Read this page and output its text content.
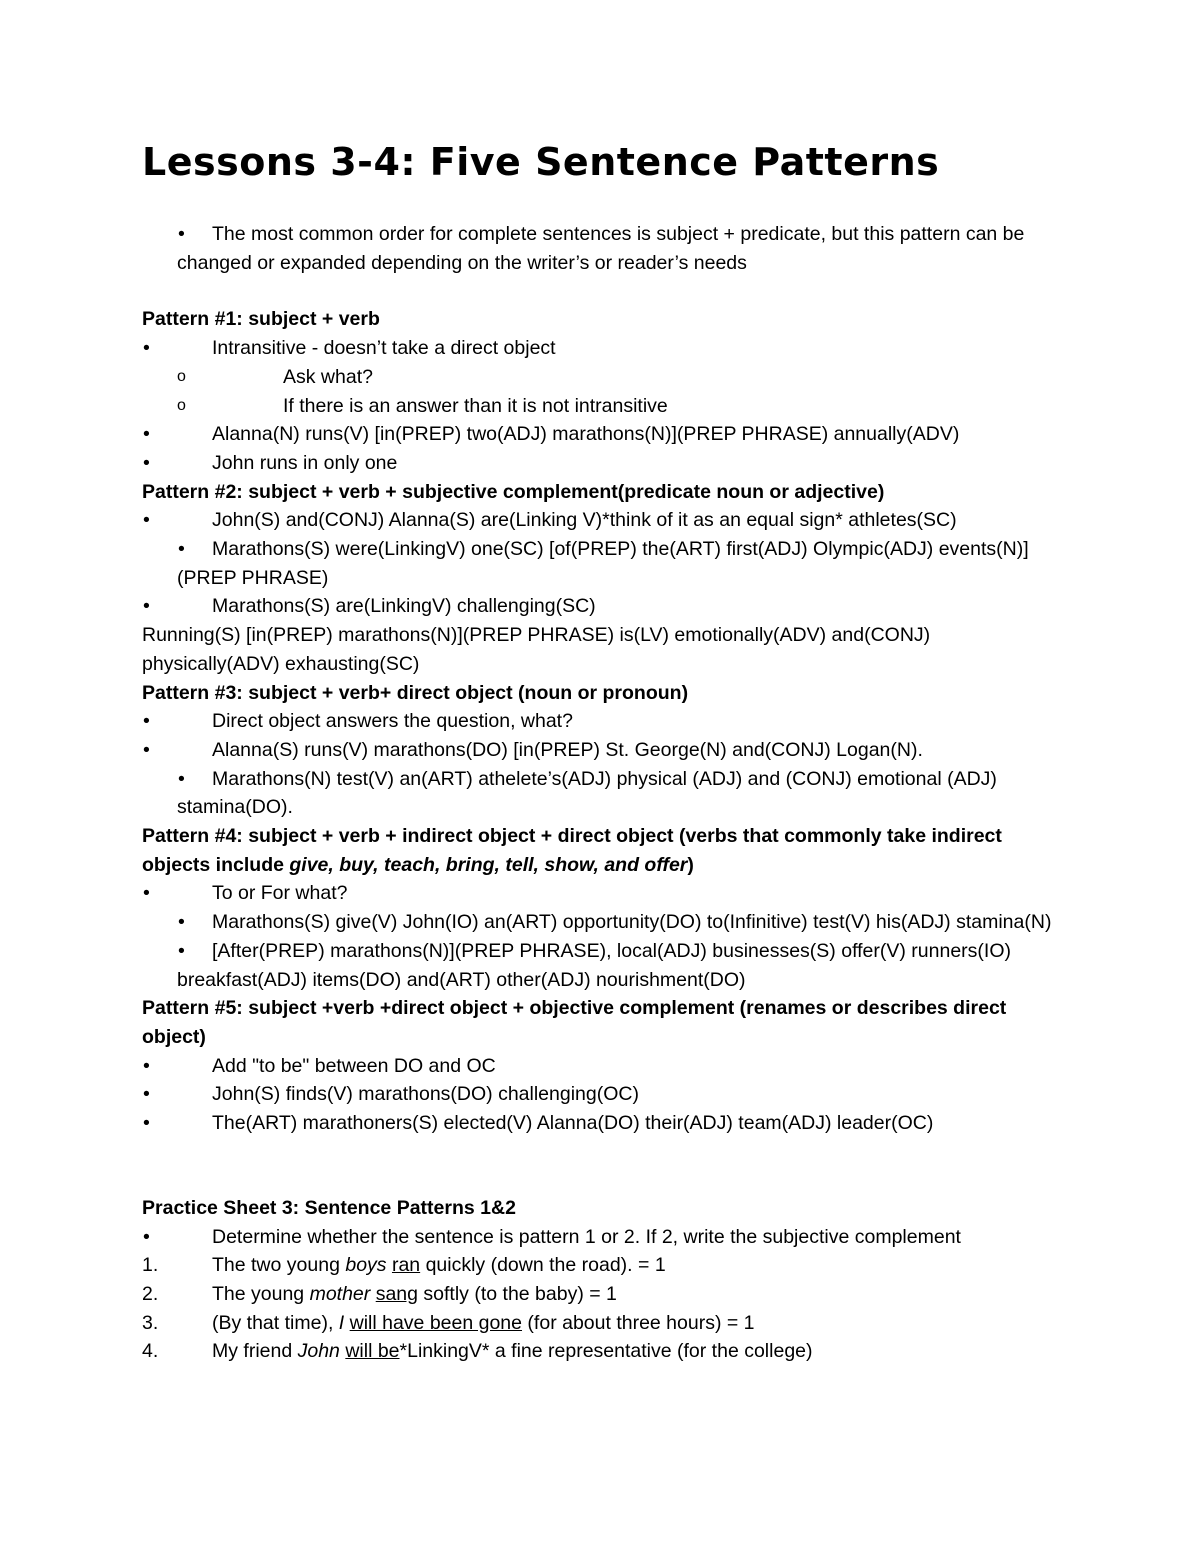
Lessons 3-4: Five Sentence Patterns
• The most common order for complete sentences is subject + predicate, but this pattern can be changed or expanded depending on the writer’s or reader’s needs
Pattern #1: subject + verb
• Intransitive - doesn’t take a direct object
o Ask what?
o If there is an answer than it is not intransitive
• Alanna(N) runs(V) [in(PREP) two(ADJ) marathons(N)](PREP PHRASE) annually(ADV)
• John runs in only one
Pattern #2: subject + verb + subjective complement(predicate noun or adjective)
• John(S) and(CONJ) Alanna(S) are(Linking V)*think of it as an equal sign* athletes(SC)
• Marathons(S) were(LinkingV) one(SC) [of(PREP) the(ART) first(ADJ) Olympic(ADJ) events(N)](PREP PHRASE)
• Marathons(S) are(LinkingV) challenging(SC)
Running(S) [in(PREP) marathons(N)](PREP PHRASE) is(LV) emotionally(ADV) and(CONJ) physically(ADV) exhausting(SC)
Pattern #3: subject + verb+ direct object (noun or pronoun)
• Direct object answers the question, what?
• Alanna(S) runs(V) marathons(DO) [in(PREP) St. George(N) and(CONJ) Logan(N).
• Marathons(N) test(V) an(ART) athelete’s(ADJ) physical (ADJ) and (CONJ) emotional (ADJ) stamina(DO).
Pattern #4: subject + verb + indirect object + direct object (verbs that commonly take indirect objects include give, buy, teach, bring, tell, show, and offer)
• To or For what?
• Marathons(S) give(V) John(IO) an(ART) opportunity(DO) to(Infinitive) test(V) his(ADJ) stamina(N)
• [After(PREP) marathons(N)](PREP PHRASE), local(ADJ) businesses(S) offer(V) runners(IO) breakfast(ADJ) items(DO) and(ART) other(ADJ) nourishment(DO)
Pattern #5: subject +verb +direct object + objective complement (renames or describes direct object)
• Add "to be" between DO and OC
• John(S) finds(V) marathons(DO) challenging(OC)
• The(ART) marathoners(S) elected(V) Alanna(DO) their(ADJ) team(ADJ) leader(OC)
Practice Sheet 3: Sentence Patterns 1&2
• Determine whether the sentence is pattern 1 or 2. If 2, write the subjective complement
1.	The two young boys ran quickly (down the road). = 1
2.	The young mother sang softly (to the baby) = 1
3.	(By that time), I will have been gone (for about three hours) = 1
4.	My friend John will be*LinkingV* a fine representative (for the college)
